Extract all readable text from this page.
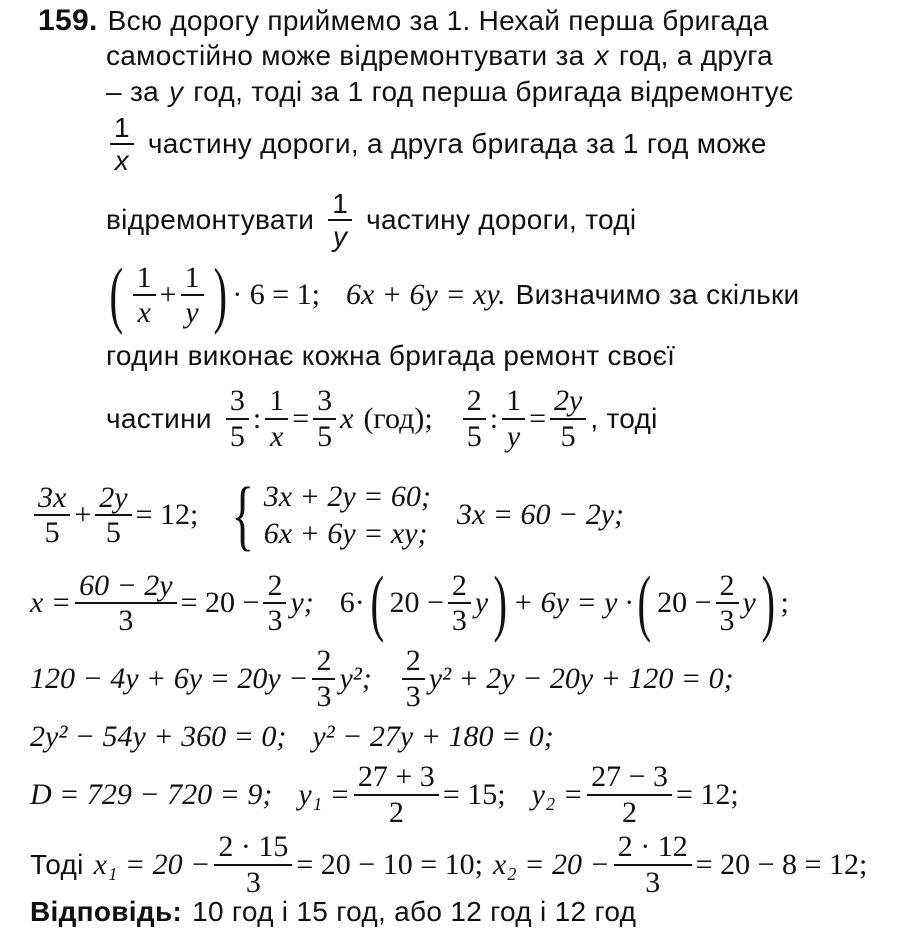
159. Всю дорогу приймемо за 1. Нехай перша бригада
самостійно може відремонтувати за x год, а друга
– за y год, тоді за 1 год перша бригада відремонтує
$\frac{1}{x}$ частину дороги, а друга бригада за 1 год може
відремонтувати $\frac{1}{y}$ частину дороги, тоді
( $\frac{1}{x} + \frac{1}{y}$ ) · 6 = 1; 6x + 6y = xy. Визначимо за скільки
годин виконає кожна бригада ремонт своєї
частини $\frac{3}{5}$ : $\frac{1}{x} = \frac{3}{5}$ x (год); $\frac{2}{5}$ : $\frac{1}{y} = \frac{2y}{5}$ , тоді
$\frac{3x}{5} + \frac{2y}{5} = 12$; { 3x + 2y = 60;
6x + 6y = xy;
3x = 60 − 2y;
$x = \frac{60 - 2y}{3} = 20 - \frac{2}{3} y$; 6 · ( $20 - \frac{2}{3}$ y ) + 6y = y · ( $20 - \frac{2}{3}$ y ) ;
$120 - 4y + 6y = 20y - \frac{2}{3} y^2$; $\frac{2}{3} y^2 + 2y - 20y + 120 = 0$;
2y² − 54y + 360 = 0; y² − 27y + 180 = 0;
D = 729 − 720 = 9; $y_1 = \frac{27 + 3}{2} = 15$; $y_2 = \frac{27 - 3}{2} = 12$;
Тоді $x_1 = 20 - \frac{2 \cdot 15}{3} = 20 - 10 = 10$; $x_2 = 20 - \frac{2 \cdot 12}{3} = 20 - 8 = 12$;
Відповідь: 10 год і 15 год, або 12 год і 12 год
